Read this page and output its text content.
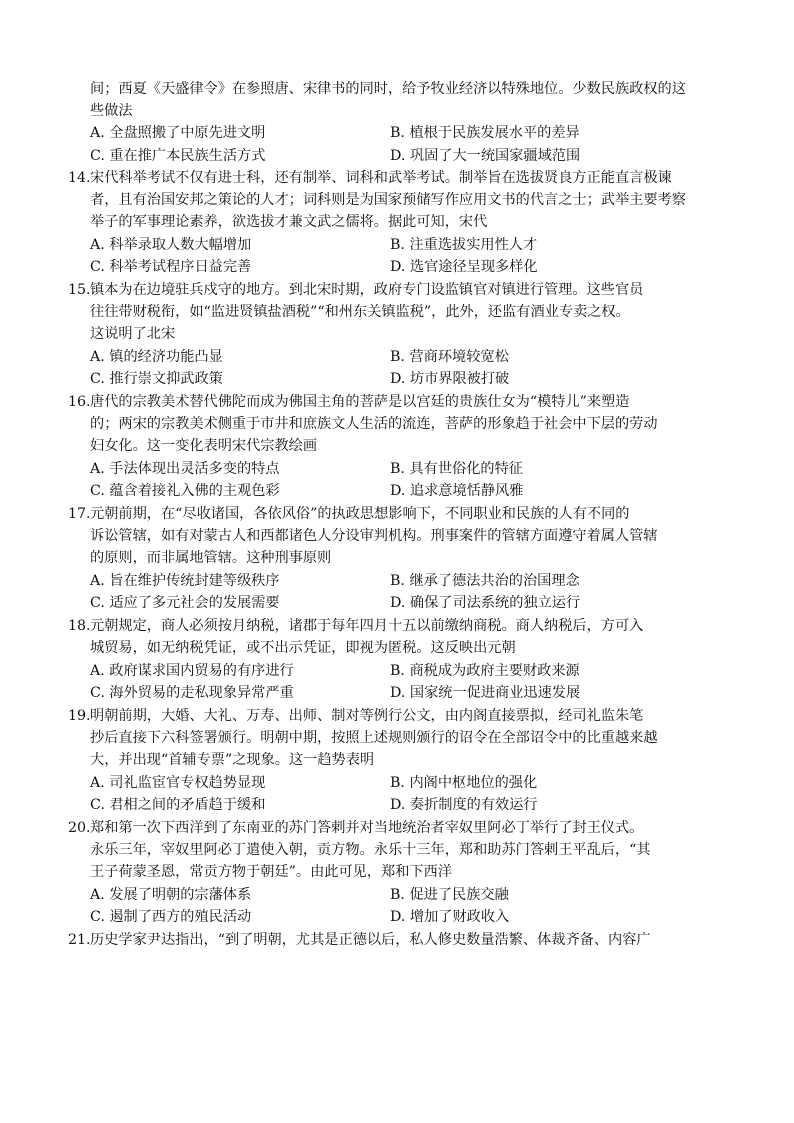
间；西夏《天盛律令》在参照唐、宋律书的同时，给予牧业经济以特殊地位。少数民族政权的这
些做法
A. 全盘照搬了中原先进文明	B. 植根于民族发展水平的差异
C. 重在推广本民族生活方式	D. 巩固了大一统国家疆域范围
14.宋代科举考试不仅有进士科，还有制举、词科和武举考试。制举旨在选拔贤良方正能直言极谏
者，且有治国安邦之策论的人才；词科则是为国家预储写作应用文书的代言之士；武举主要考察
举子的军事理论素养，欲选拔才兼文武之儒将。据此可知，宋代
A. 科举录取人数大幅增加	B. 注重选拔实用性人才
C. 科举考试程序日益完善	D. 选官途径呈现多样化
15.镇本为在边境驻兵戍守的地方。到北宋时期，政府专门设监镇官对镇进行管理。这些官员
往往带财税衔，如“监进贤镇盐酒税”“和州东关镇监税”，此外，还监有酒业专卖之权。
这说明了北宋
A. 镇的经济功能凸显	B. 营商环境较宽松
C. 推行崇文抑武政策	D. 坊市界限被打破
16.唐代的宗教美术替代佛陀而成为佛国主角的菩萨是以宫廷的贵族仕女为“模特儿”来塑造
的；两宋的宗教美术侧重于市井和庶族文人生活的流连，菩萨的形象趋于社会中下层的劳动
妇女化。这一变化表明宋代宗教绘画
A. 手法体现出灵活多变的特点	B. 具有世俗化的特征
C. 蕴含着接礼入佛的主观色彩	D. 追求意境恬静风雅
17.元朝前期，在“尽收诸国，各依风俗”的执政思想影响下，不同职业和民族的人有不同的
诉讼管辖，如有对蒙古人和西都诸色人分设审判机构。刑事案件的管辖方面遵守着属人管辖
的原则，而非属地管辖。这种刑事原则
A. 旨在维护传统封建等级秩序	B. 继承了德法共治的治国理念
C. 适应了多元社会的发展需要	D. 确保了司法系统的独立运行
18.元朝规定，商人必须按月纳税，诸郡于每年四月十五以前缴纳商税。商人纳税后，方可入
城贸易，如无纳税凭证，或不出示凭证，即视为匿税。这反映出元朝
A. 政府谋求国内贸易的有序进行	B. 商税成为政府主要财政来源
C. 海外贸易的走私现象异常严重	D. 国家统一促进商业迅速发展
19.明朝前期，大婚、大礼、万寿、出师、制对等例行公文，由内阁直接票拟，经司礼监朱笔
抄后直接下六科签署颁行。明朝中期，按照上述规则颁行的诏令在全部诏令中的比重越来越
大，并出现“首辅专票”之现象。这一趋势表明
A. 司礼监宦官专权趋势显现	B. 内阁中枢地位的强化
C. 君相之间的矛盾趋于缓和	D. 奏折制度的有效运行
20.郑和第一次下西洋到了东南亚的苏门答剌并对当地统治者宰奴里阿必丁举行了封王仪式。
永乐三年，宰奴里阿必丁遣使入朝，贡方物。永乐十三年，郑和助苏门答剌王平乱后，“其
王子荷蒙圣恩，常贡方物于朝廷”。由此可见，郑和下西洋
A. 发展了明朝的宗藩体系	B. 促进了民族交融
C. 遏制了西方的殖民活动	D. 增加了财政收入
21.历史学家尹达指出，“到了明朝，尤其是正德以后，私人修史数量浩繁、体裁齐备、内容广
